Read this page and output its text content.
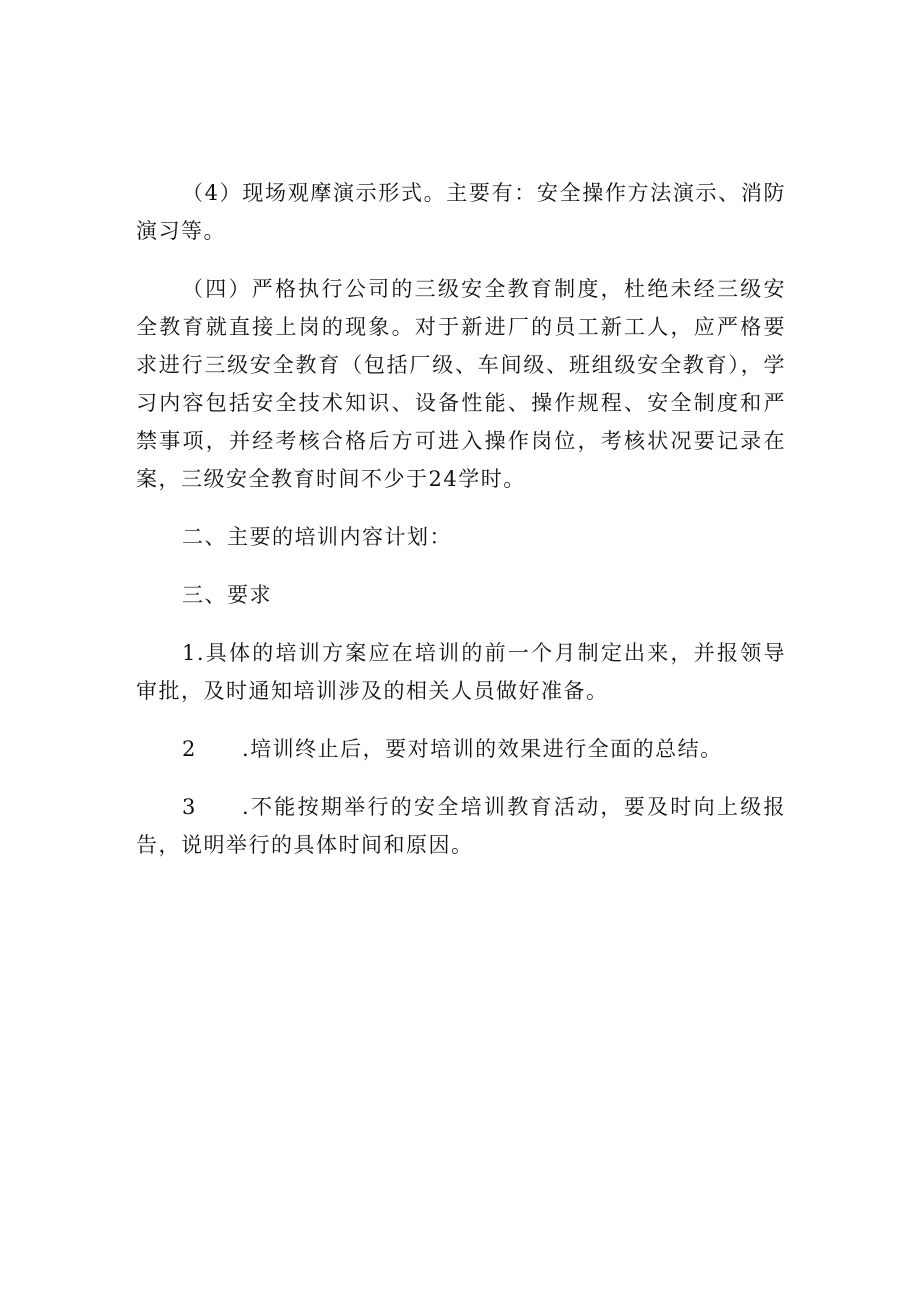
（4）现场观摩演示形式。主要有：安全操作方法演示、消防演习等。

（四）严格执行公司的三级安全教育制度，杜绝未经三级安全教育就直接上岗的现象。对于新进厂的员工新工人，应严格要求进行三级安全教育（包括厂级、车间级、班组级安全教育），学习内容包括安全技术知识、设备性能、操作规程、安全制度和严禁事项，并经考核合格后方可进入操作岗位，考核状况要记录在案，三级安全教育时间不少于24学时。

二、主要的培训内容计划：

三、要求

1.具体的培训方案应在培训的前一个月制定出来，并报领导审批，及时通知培训涉及的相关人员做好准备。

2 .培训终止后，要对培训的效果进行全面的总结。

3 .不能按期举行的安全培训教育活动，要及时向上级报告，说明举行的具体时间和原因。
